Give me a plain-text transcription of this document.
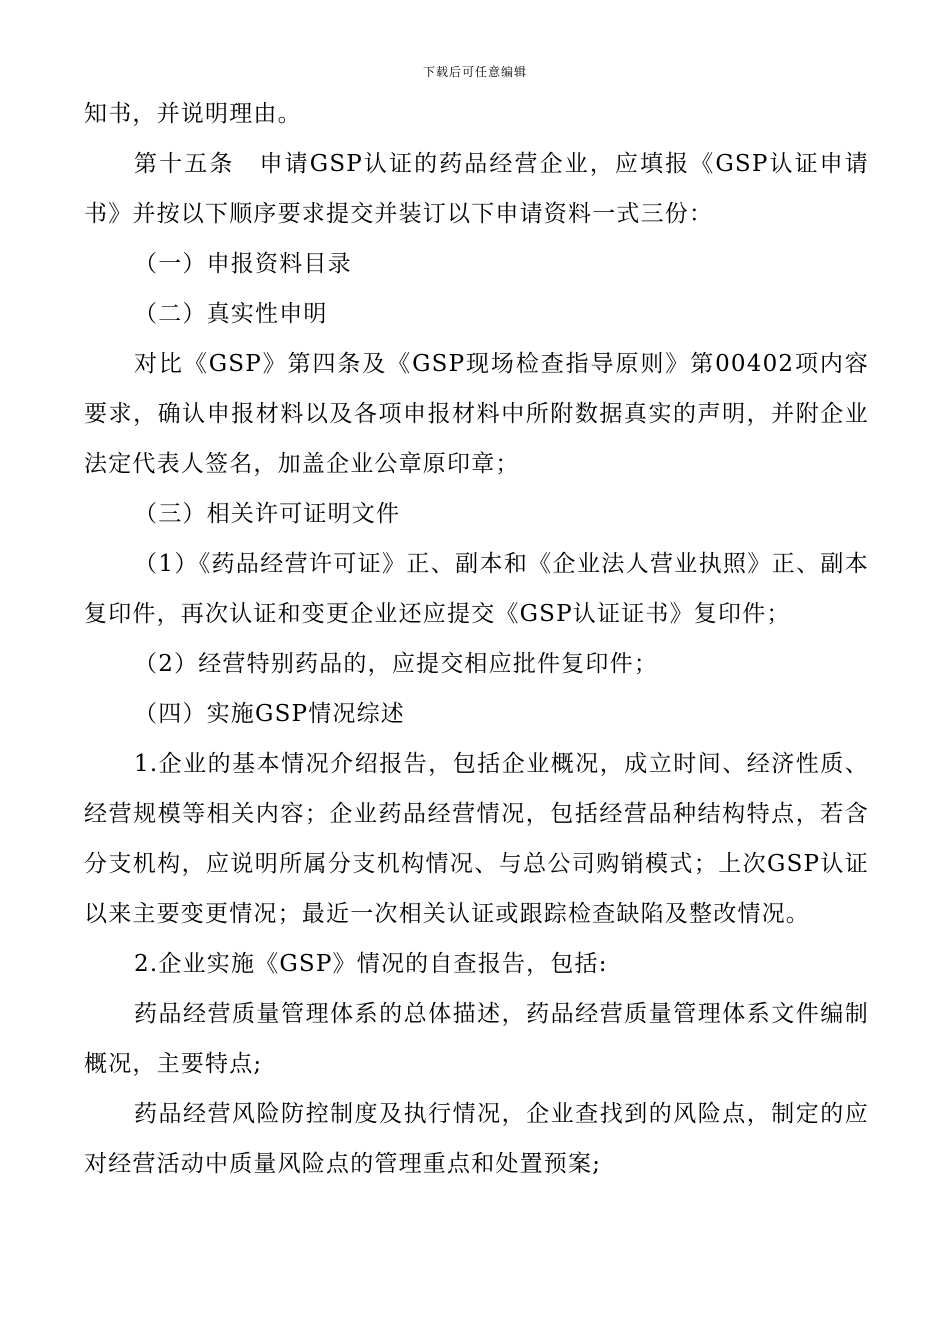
下载后可任意编辑

知书，并说明理由。

第十五条　申请GSP认证的药品经营企业，应填报《GSP认证申请书》并按以下顺序要求提交并装订以下申请资料一式三份：

（一）申报资料目录

（二）真实性申明

对比《GSP》第四条及《GSP现场检查指导原则》第00402项内容要求，确认申报材料以及各项申报材料中所附数据真实的声明，并附企业法定代表人签名，加盖企业公章原印章；

（三）相关许可证明文件

（1）《药品经营许可证》正、副本和《企业法人营业执照》正、副本复印件，再次认证和变更企业还应提交《GSP认证证书》复印件；

（2）经营特别药品的，应提交相应批件复印件；

（四）实施GSP情况综述

1.企业的基本情况介绍报告，包括企业概况，成立时间、经济性质、经营规模等相关内容；企业药品经营情况，包括经营品种结构特点，若含分支机构，应说明所属分支机构情况、与总公司购销模式；上次GSP认证以来主要变更情况；最近一次相关认证或跟踪检查缺陷及整改情况。

2.企业实施《GSP》情况的自查报告，包括:

药品经营质量管理体系的总体描述，药品经营质量管理体系文件编制概况，主要特点;

药品经营风险防控制度及执行情况，企业查找到的风险点，制定的应对经营活动中质量风险点的管理重点和处置预案;
